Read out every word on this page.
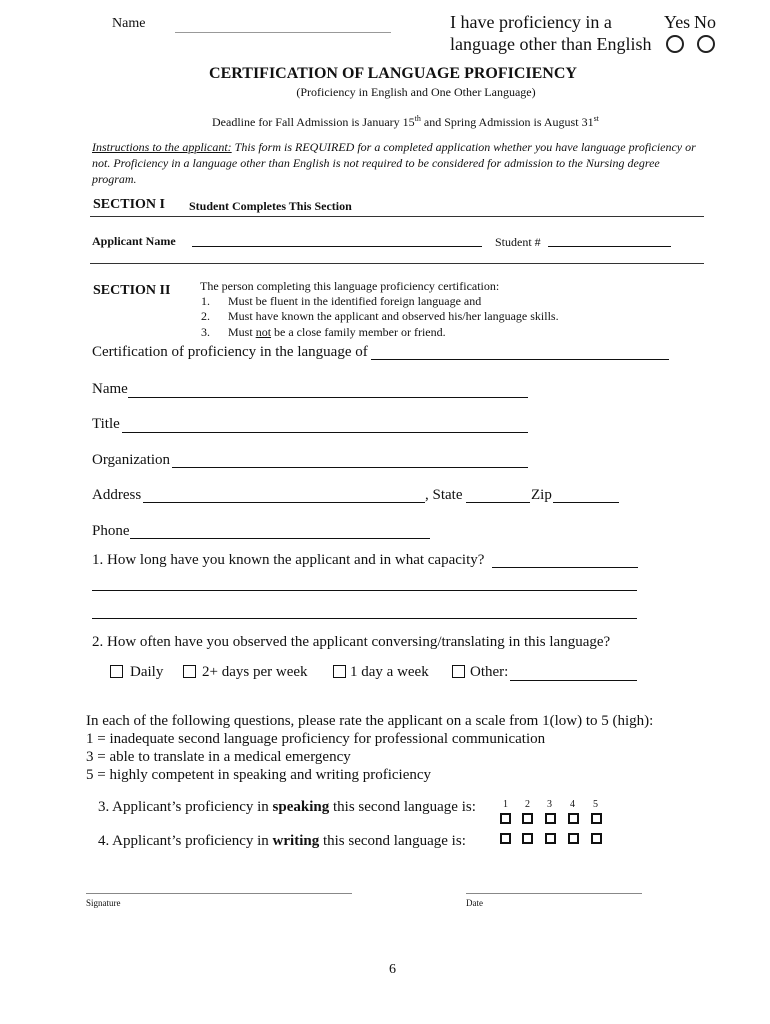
Name	I have proficiency in a
language other than English
Yes No
CERTIFICATION OF LANGUAGE PROFICIENCY
(Proficiency in English and One Other Language)
Deadline for Fall Admission is January 15th and Spring Admission is August 31st
Instructions to the applicant: This form is REQUIRED for a completed application whether you have language proficiency or not. Proficiency in a language other than English is not required to be considered for admission to the Nursing degree program.
SECTION I Student Completes This Section
Applicant Name	Student #
SECTION II The person completing this language proficiency certification:
1. Must be fluent in the identified foreign language and
2. Must have known the applicant and observed his/her language skills.
3. Must not be a close family member or friend.
Certification of proficiency in the language of
Name
Title
Organization
Address	, State	Zip
Phone
1. How long have you known the applicant and in what capacity?
2. How often have you observed the applicant conversing/translating in this language?
Daily	2+ days per week	1 day a week	Other:
In each of the following questions, please rate the applicant on a scale from 1(low) to 5 (high):
1 = inadequate second language proficiency for professional communication
3 = able to translate in a medical emergency
5 = highly competent in speaking and writing proficiency
3. Applicant’s proficiency in speaking this second language is:
4. Applicant’s proficiency in writing this second language is:
1 2 3 4 5
Signature	Date
6
